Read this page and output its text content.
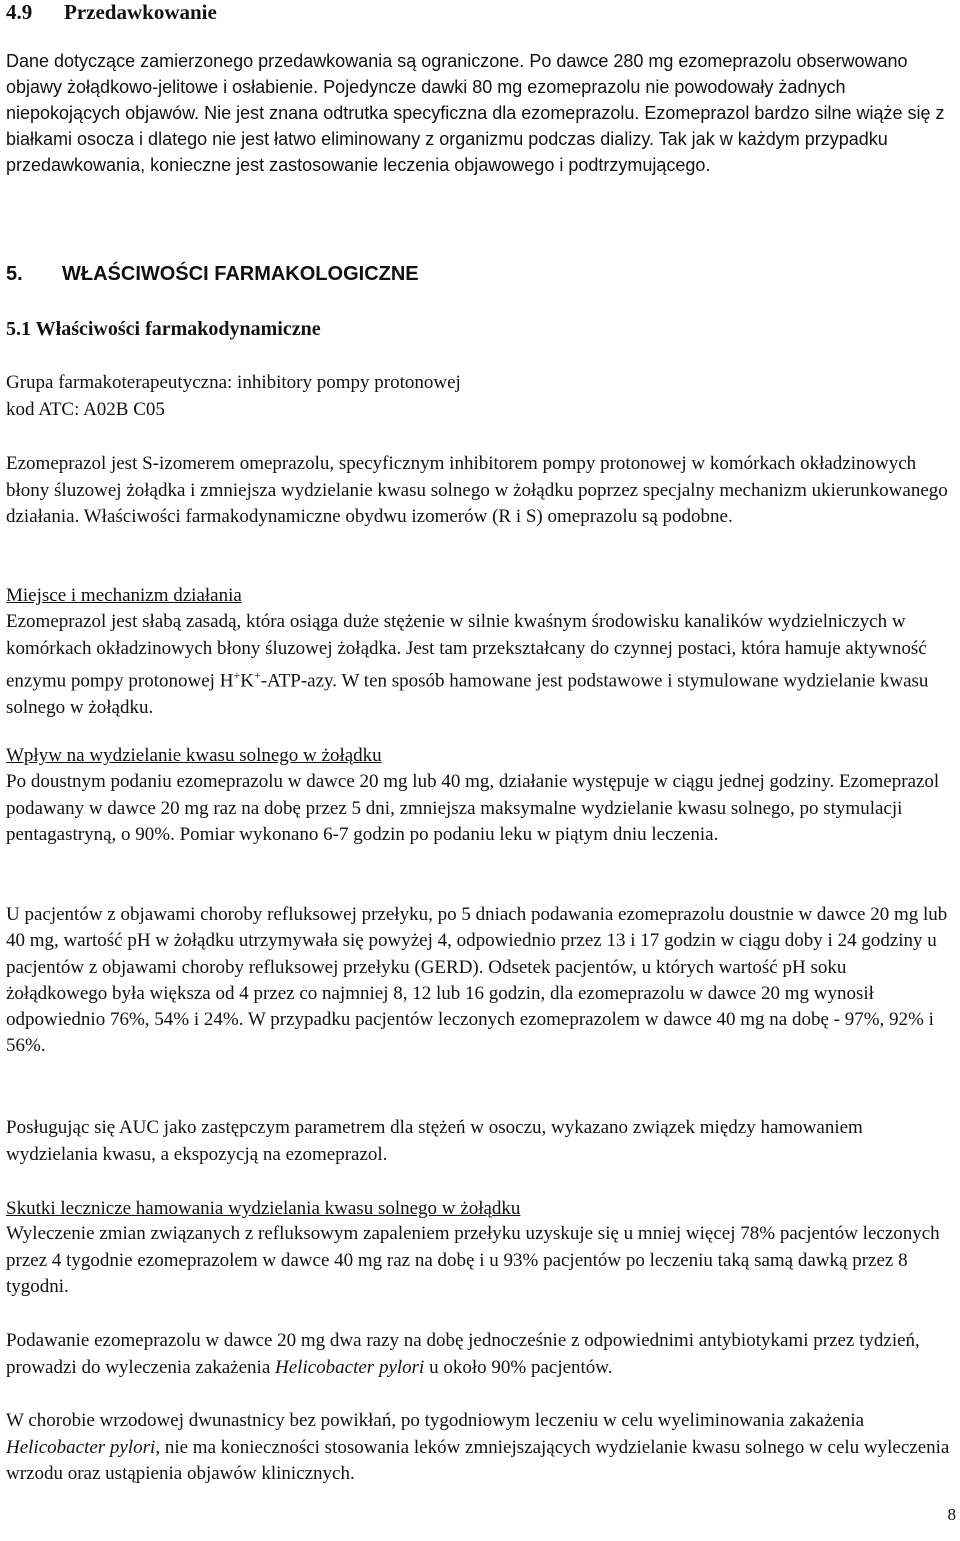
4.9 Przedawkowanie

Dane dotyczące zamierzonego przedawkowania są ograniczone. Po dawce 280 mg ezomeprazolu obserwowano objawy żołądkowo-jelitowe i osłabienie. Pojedyncze dawki 80 mg ezomeprazolu nie powodowały żadnych niepokojących objawów. Nie jest znana odtrutka specyficzna dla ezomeprazolu. Ezomeprazol bardzo silne wiąże się z białkami osocza i dlatego nie jest łatwo eliminowany z organizmu podczas dializy. Tak jak w każdym przypadku przedawkowania, konieczne jest zastosowanie leczenia objawowego i podtrzymującego.

5. WŁAŚCIWOŚCI FARMAKOLOGICZNE
5.1 Właściwości farmakodynamiczne

Grupa farmakoterapeutyczna: inhibitory pompy protonowej

kod ATC: A02B C05

Ezomeprazol jest S-izomerem omeprazolu, specyficznym inhibitorem pompy protonowej w komórkach okładzinowych błony śluzowej żołądka i zmniejsza wydzielanie kwasu solnego w żołądku poprzez specjalny mechanizm ukierunkowanego działania. Właściwości farmakodynamiczne obydwu izomerów (R i S) omeprazolu są podobne.

Miejsce i mechanizm działania

Ezomeprazol jest słabą zasadą, która osiąga duże stężenie w silnie kwaśnym środowisku kanalików wydzielniczych w komórkach okładzinowych błony śluzowej żołądka. Jest tam przekształcany do czynnej postaci, która hamuje aktywność enzymu pompy protonowej H+K+-ATP-azy. W ten sposób hamowane jest podstawowe i stymulowane wydzielanie kwasu solnego w żołądku.

Wpływ na wydzielanie kwasu solnego w żołądku

Po doustnym podaniu ezomeprazolu w dawce 20 mg lub 40 mg, działanie występuje w ciągu jednej godziny. Ezomeprazol podawany w dawce 20 mg raz na dobę przez 5 dni, zmniejsza maksymalne wydzielanie kwasu solnego, po stymulacji pentagastryną, o 90%. Pomiar wykonano 6-7 godzin po podaniu leku w piątym dniu leczenia.

U pacjentów z objawami choroby refluksowej przełyku, po 5 dniach podawania ezomeprazolu doustnie w dawce 20 mg lub 40 mg, wartość pH w żołądku utrzymywała się powyżej 4, odpowiednio przez 13 i 17 godzin w ciągu doby i 24 godziny u pacjentów z objawami choroby refluksowej przełyku (GERD). Odsetek pacjentów, u których wartość pH soku żołądkowego była większa od 4 przez co najmniej 8, 12 lub 16 godzin, dla ezomeprazolu w dawce 20 mg wynosił odpowiednio 76%, 54% i 24%. W przypadku pacjentów leczonych ezomeprazolem w dawce 40 mg na dobę - 97%, 92% i 56%.

Posługując się AUC jako zastępczym parametrem dla stężeń w osoczu, wykazano związek między hamowaniem wydzielania kwasu, a ekspozycją na ezomeprazol.

Skutki lecznicze hamowania wydzielania kwasu solnego w żołądku

Wyleczenie zmian związanych z refluksowym zapaleniem przełyku uzyskuje się u mniej więcej 78% pacjentów leczonych przez 4 tygodnie ezomeprazolem w dawce 40 mg raz na dobę i u 93% pacjentów po leczeniu taką samą dawką przez 8 tygodni.

Podawanie ezomeprazolu w dawce 20 mg dwa razy na dobę jednocześnie z odpowiednimi antybiotykami przez tydzień, prowadzi do wyleczenia zakażenia Helicobacter pylori u około 90% pacjentów.

W chorobie wrzodowej dwunastnicy bez powikłań, po tygodniowym leczeniu w celu wyeliminowania zakażenia Helicobacter pylori, nie ma konieczności stosowania leków zmniejszających wydzielanie kwasu solnego w celu wyleczenia wrzodu oraz ustąpienia objawów klinicznych.

8
